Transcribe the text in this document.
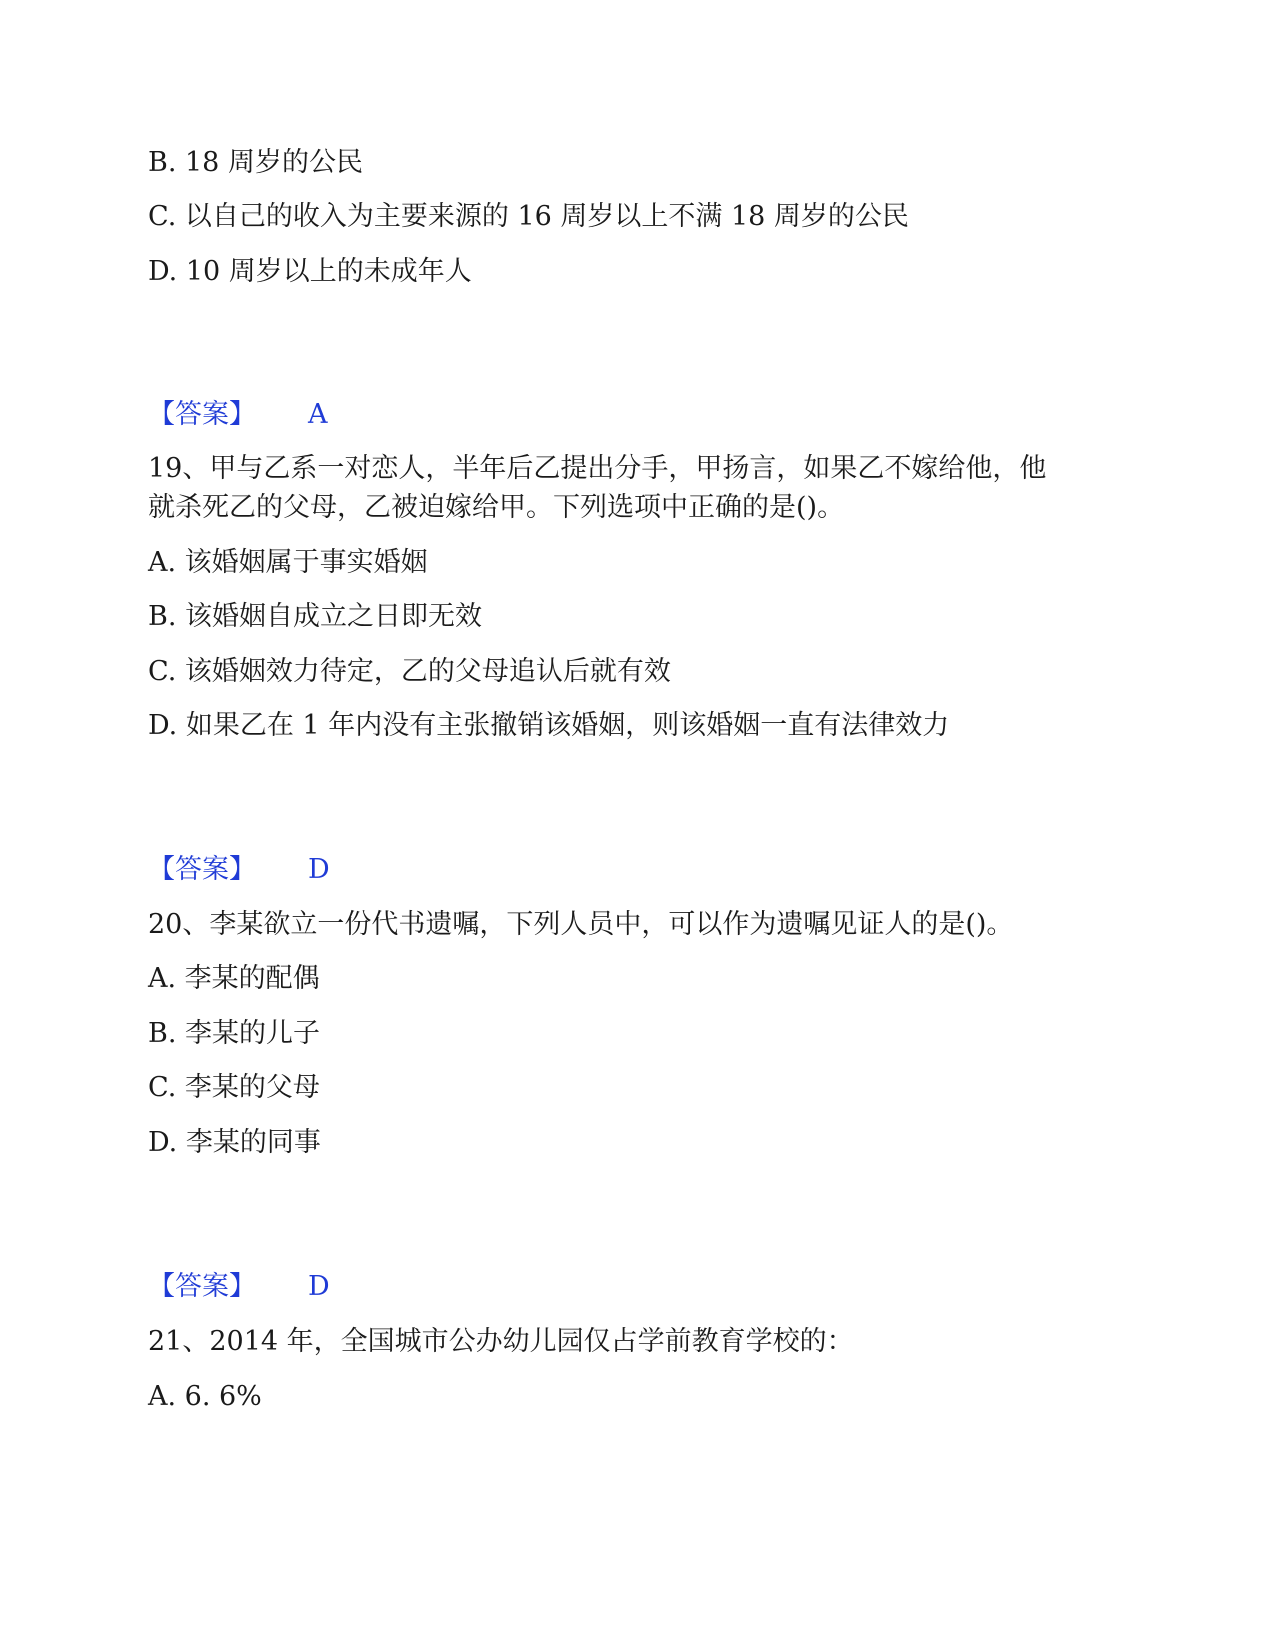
B. 18 周岁的公民
C. 以自己的收入为主要来源的 16 周岁以上不满 18 周岁的公民
D. 10 周岁以上的未成年人
【答案】 A
19、甲与乙系一对恋人，半年后乙提出分手，甲扬言，如果乙不嫁给他，他
就杀死乙的父母，乙被迫嫁给甲。下列选项中正确的是()。
A. 该婚姻属于事实婚姻
B. 该婚姻自成立之日即无效
C. 该婚姻效力待定，乙的父母追认后就有效
D. 如果乙在 1 年内没有主张撤销该婚姻，则该婚姻一直有法律效力
【答案】 D
20、李某欲立一份代书遗嘱，下列人员中，可以作为遗嘱见证人的是()。
A. 李某的配偶
B. 李某的儿子
C. 李某的父母
D. 李某的同事
【答案】 D
21、2014 年，全国城市公办幼儿园仅占学前教育学校的：
A. 6. 6%
